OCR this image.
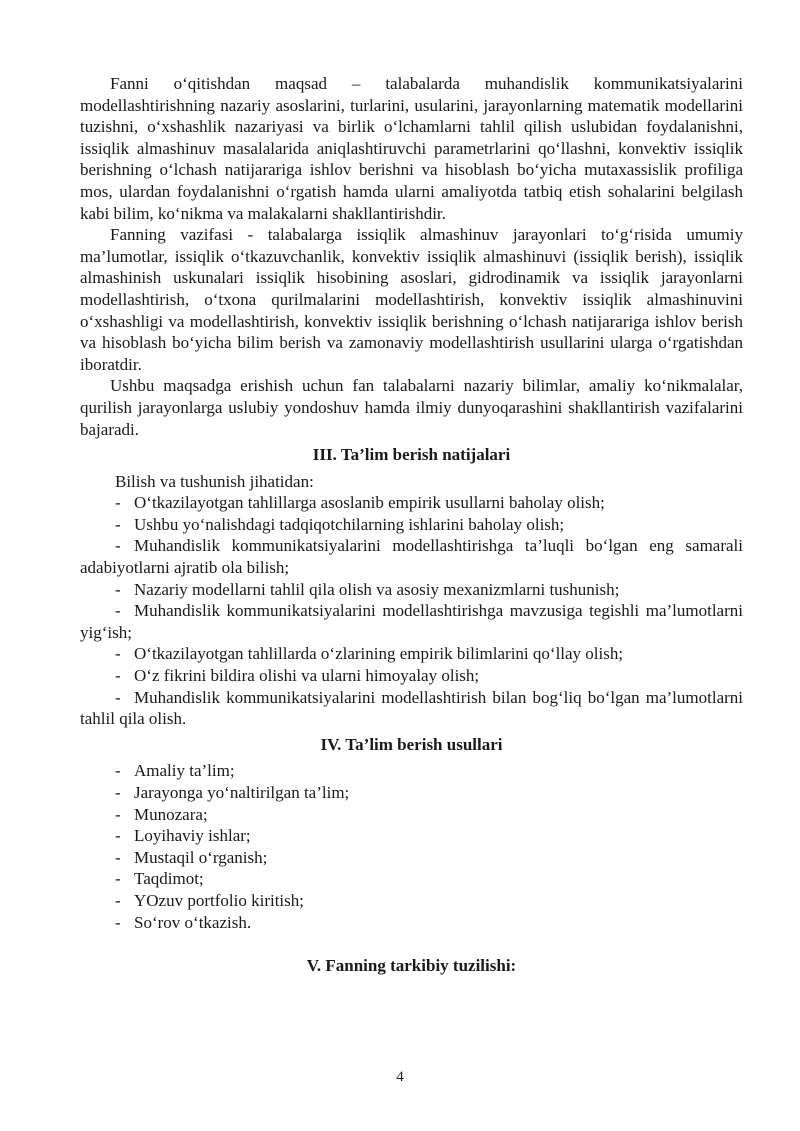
Fanni o‘qitishdan maqsad – talabalarda muhandislik kommunikatsiyalarini modellashtirishning nazariy asoslarini, turlarini, usularini, jarayonlarning matematik modellarini tuzishni, o‘xshashlik nazariyasi va birlik o‘lchamlarni tahlil qilish uslubidan foydalanishni, issiqlik almashinuv masalalarida aniqlashtiruvchi parametrlarini qo‘llashni, konvektiv issiqlik berishning o‘lchash natijarariga ishlov berishni va hisoblash bo‘yicha mutaxassislik profiliga mos, ulardan foydalanishni o‘rgatish hamda ularni amaliyotda tatbiq etish sohalarini belgilash kabi bilim, ko‘nikma va malakalarni shakllantirishdir.

Fanning vazifasi - talabalarga issiqlik almashinuv jarayonlari to‘g‘risida umumiy ma’lumotlar, issiqlik o‘tkazuvchanlik, konvektiv issiqlik almashinuvi (issiqlik berish), issiqlik almashinish uskunalari issiqlik hisobining asoslari, gidrodinamik va issiqlik jarayonlarni modellashtirish, o‘txona qurilmalarini modellashtirish, konvektiv issiqlik almashinuvini o‘xshashligi va modellashtirish, konvektiv issiqlik berishning o‘lchash natijarariga ishlov berish va hisoblash bo‘yicha bilim berish va zamonaviy modellashtirish usullarini ularga o‘rgatishdan iboratdir.

Ushbu maqsadga erishish uchun fan talabalarni nazariy bilimlar, amaliy ko‘nikmalalar, qurilish jarayonlarga uslubiy yondoshuv hamda ilmiy dunyoqarashini shakllantirish vazifalarini bajaradi.

III. Ta’lim berish natijalari
Bilish va tushunish jihatidan:
- O‘tkazilayotgan tahlillarga asoslanib empirik usullarni baholay olish;
- Ushbu yo‘nalishdagi tadqiqotchilarning ishlarini baholay olish;
- Muhandislik kommunikatsiyalarini modellashtirishga ta’luqli bo‘lgan eng samarali adabiyotlarni ajratib ola bilish;
- Nazariy modellarni tahlil qila olish va asosiy mexanizmlarni tushunish;
- Muhandislik kommunikatsiyalarini modellashtirishga mavzusiga tegishli ma’lumotlarni yig‘ish;
- O‘tkazilayotgan tahlillarda o‘zlarining empirik bilimlarini qo‘llay olish;
- O‘z fikrini bildira olishi va ularni himoyalay olish;
- Muhandislik kommunikatsiyalarini modellashtirish bilan bog‘liq bo‘lgan ma’lumotlarni tahlil qila olish.
IV. Ta’lim berish usullari
- Amaliy ta’lim;
- Jarayonga yo‘naltirilgan ta’lim;
- Munozara;
- Loyihaviy ishlar;
- Mustaqil o‘rganish;
- Taqdimot;
- YOzuv portfolio kiritish;
- So‘rov o‘tkazish.
V. Fanning tarkibiy tuzilishi:
4
